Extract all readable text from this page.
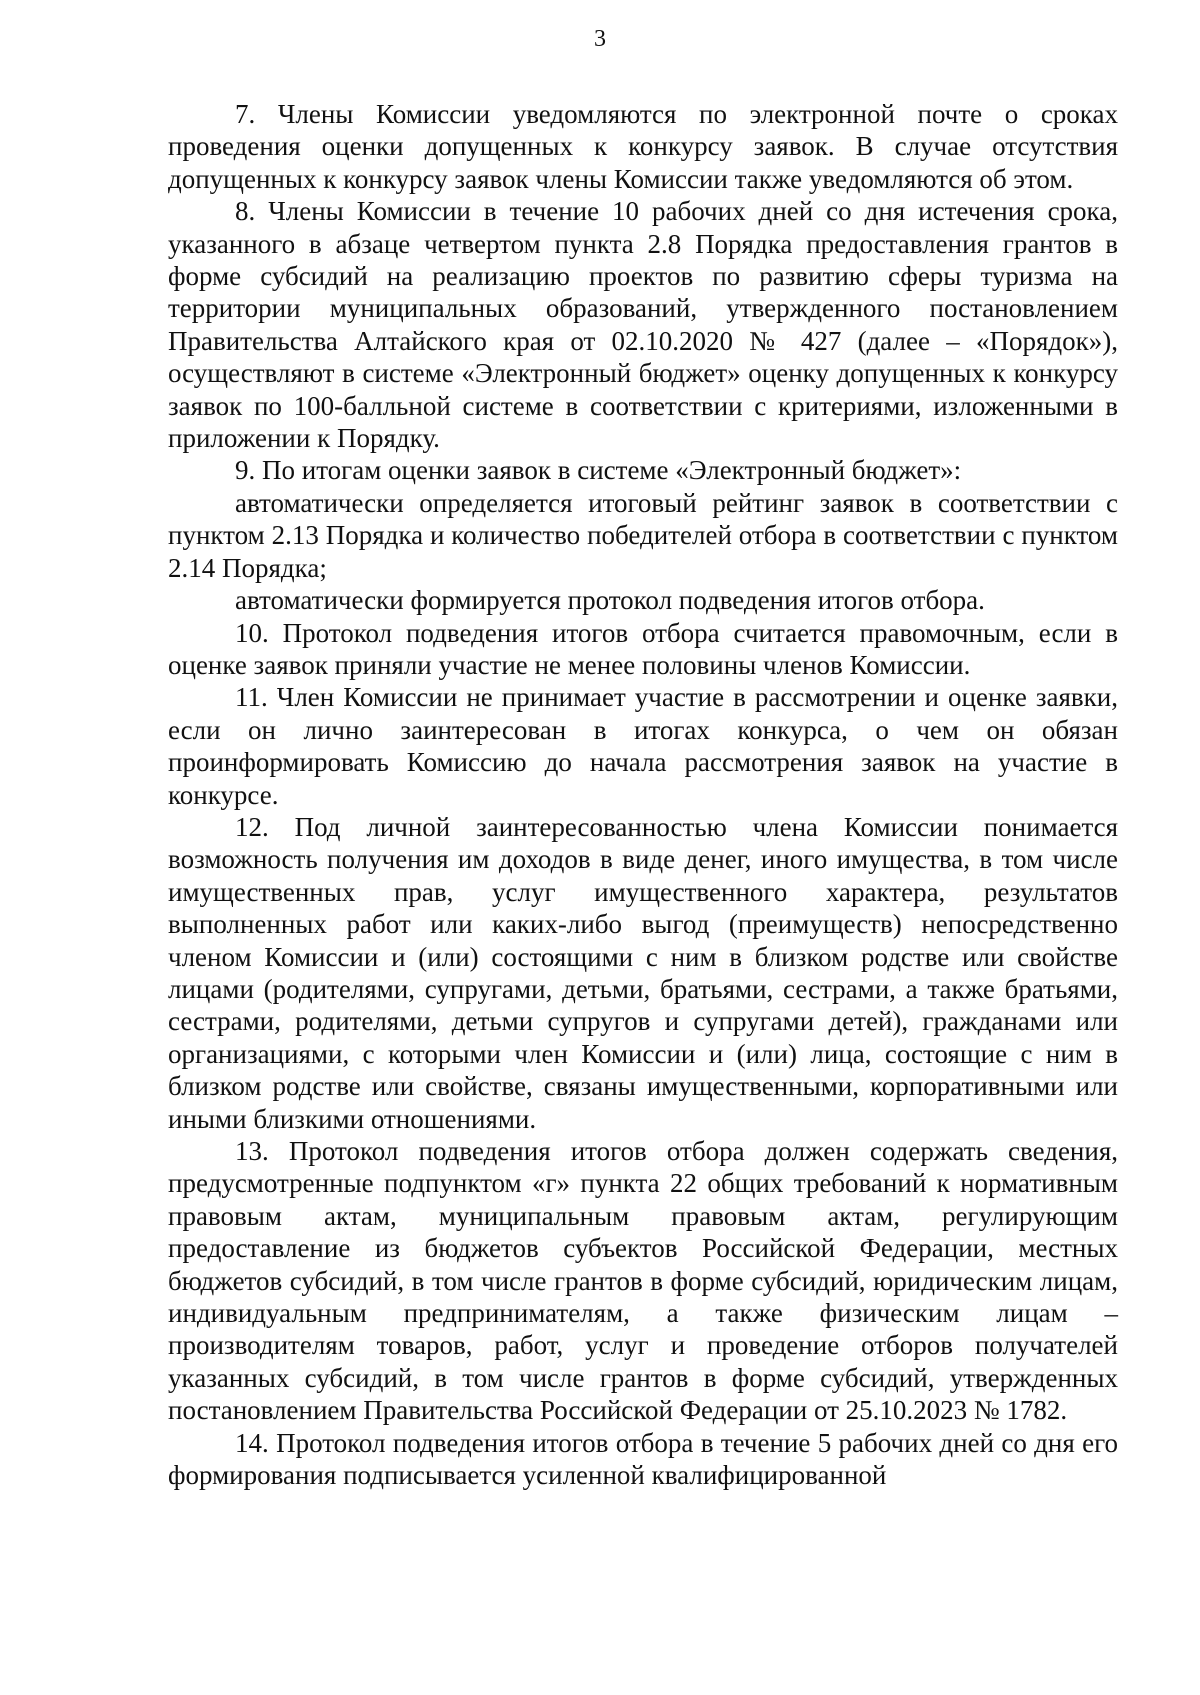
3

7. Члены Комиссии уведомляются по электронной почте о сроках проведения оценки допущенных к конкурсу заявок. В случае отсутствия допущенных к конкурсу заявок члены Комиссии также уведомляются об этом.

8. Члены Комиссии в течение 10 рабочих дней со дня истечения срока, указанного в абзаце четвертом пункта 2.8 Порядка предоставления грантов в форме субсидий на реализацию проектов по развитию сферы туризма на территории муниципальных образований, утвержденного постановлением Правительства Алтайского края от 02.10.2020 № 427 (далее – «Порядок»), осуществляют в системе «Электронный бюджет» оценку допущенных к конкурсу заявок по 100-балльной системе в соответствии с критериями, изложенными в приложении к Порядку.

9. По итогам оценки заявок в системе «Электронный бюджет»:

автоматически определяется итоговый рейтинг заявок в соответствии с пунктом 2.13 Порядка и количество победителей отбора в соответствии с пунктом 2.14 Порядка;

автоматически формируется протокол подведения итогов отбора.

10. Протокол подведения итогов отбора считается правомочным, если в оценке заявок приняли участие не менее половины членов Комиссии.

11. Член Комиссии не принимает участие в рассмотрении и оценке заявки, если он лично заинтересован в итогах конкурса, о чем он обязан проинформировать Комиссию до начала рассмотрения заявок на участие в конкурсе.

12. Под личной заинтересованностью члена Комиссии понимается возможность получения им доходов в виде денег, иного имущества, в том числе имущественных прав, услуг имущественного характера, результатов выполненных работ или каких-либо выгод (преимуществ) непосредственно членом Комиссии и (или) состоящими с ним в близком родстве или свойстве лицами (родителями, супругами, детьми, братьями, сестрами, а также братьями, сестрами, родителями, детьми супругов и супругами детей), гражданами или организациями, с которыми член Комиссии и (или) лица, состоящие с ним в близком родстве или свойстве, связаны имущественными, корпоративными или иными близкими отношениями.

13. Протокол подведения итогов отбора должен содержать сведения, предусмотренные подпунктом «г» пункта 22 общих требований к нормативным правовым актам, муниципальным правовым актам, регулирующим предоставление из бюджетов субъектов Российской Федерации, местных бюджетов субсидий, в том числе грантов в форме субсидий, юридическим лицам, индивидуальным предпринимателям, а также физическим лицам – производителям товаров, работ, услуг и проведение отборов получателей указанных субсидий, в том числе грантов в форме субсидий, утвержденных постановлением Правительства Российской Федерации от 25.10.2023 № 1782.

14. Протокол подведения итогов отбора в течение 5 рабочих дней со дня его формирования подписывается усиленной квалифицированной
